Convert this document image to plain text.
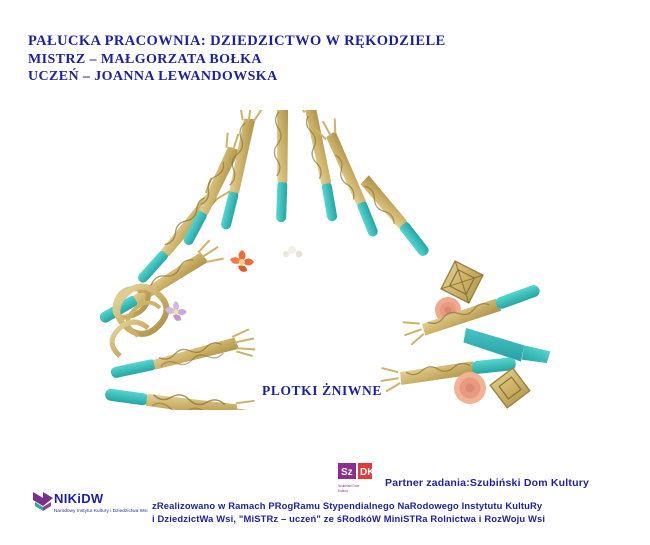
PAŁUCKA PRACOWNIA: DZIEDZICTWO W RĘKODZIELE
MISTRZ – MAŁGORZATA BOŁKA
UCZEŃ – JOANNA LEWANDOWSKA
PLOTKI ŻNIWNE
Sz DK
Szubiński Dom
Kultury
Partner zadania:Szubiński Dom Kultury
NIKiDW
Narodowy Instytut Kultury i Dziedzictwa Wsi zRealizowano w Ramach PRogRamu Stypendialnego NaRodowego Instytutu KultuRy
i DziedzictWa Wsi, "MiSTRz – uczeń" ze śRodkóW MiniSTRa Rolnictwa i RozWoju Wsi
